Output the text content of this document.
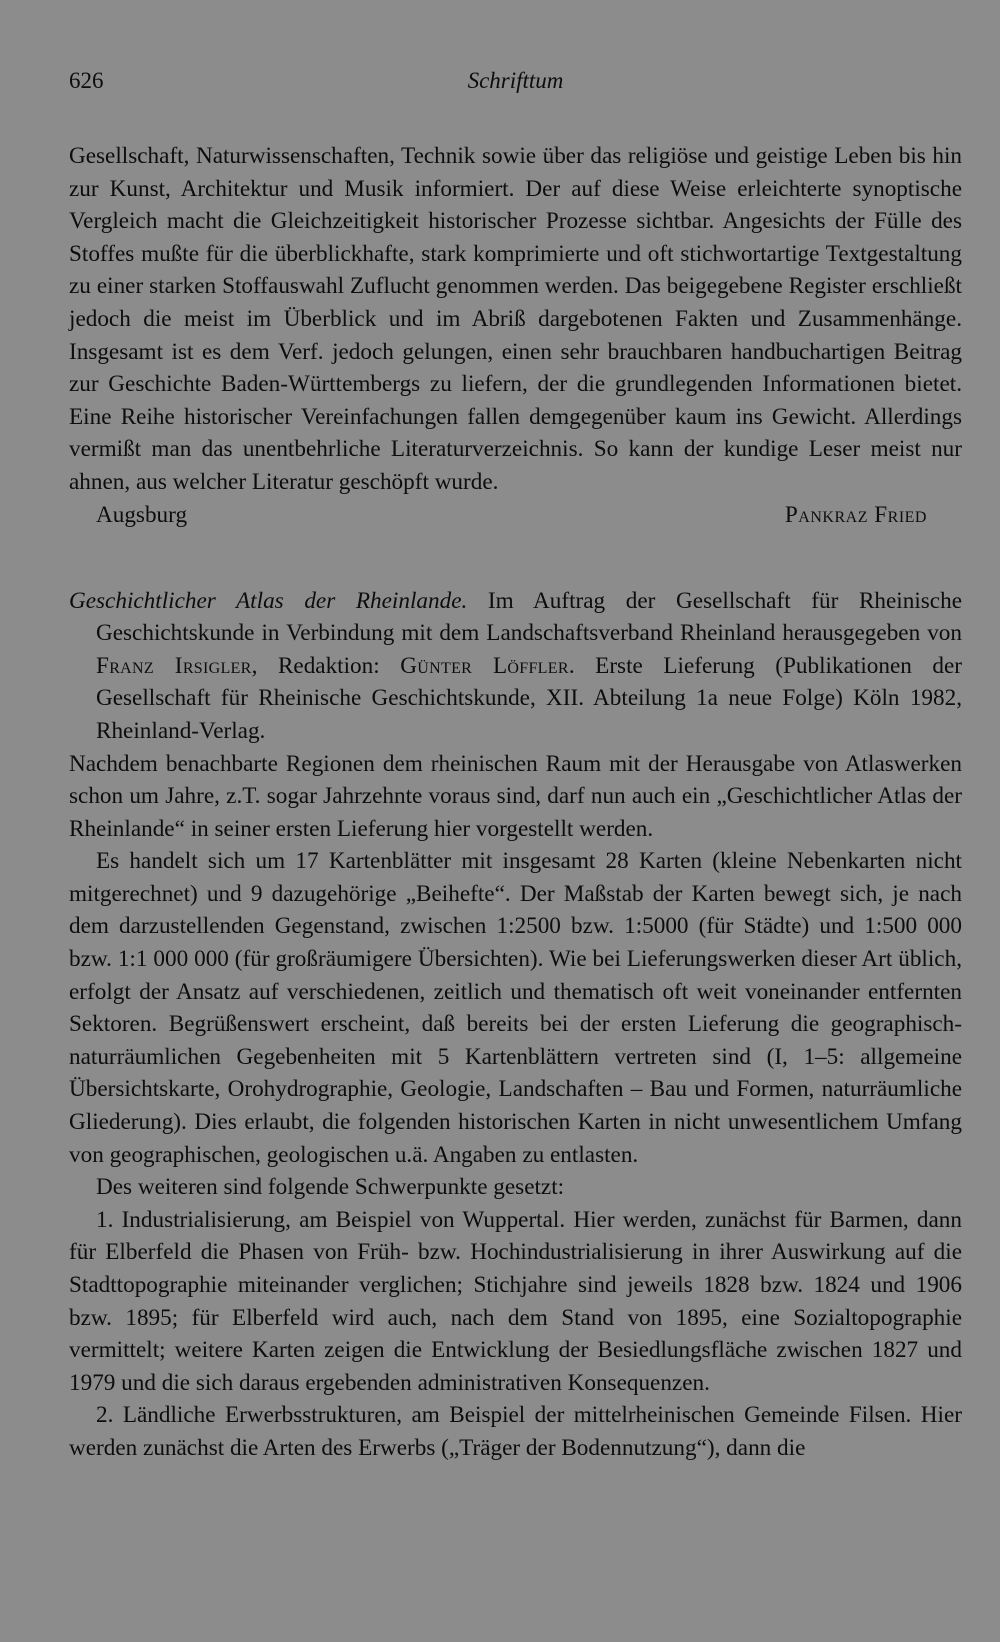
626	Schrifttum

Gesellschaft, Naturwissenschaften, Technik sowie über das religiöse und geistige Leben bis hin zur Kunst, Architektur und Musik informiert. Der auf diese Weise erleichterte synoptische Vergleich macht die Gleichzeitigkeit historischer Prozesse sichtbar. Angesichts der Fülle des Stoffes mußte für die überblickhafte, stark komprimierte und oft stichwortartige Textgestaltung zu einer starken Stoffauswahl Zuflucht genommen werden. Das beigegebene Register erschließt jedoch die meist im Überblick und im Abriß dargebotenen Fakten und Zusammenhänge. Insgesamt ist es dem Verf. jedoch gelungen, einen sehr brauchbaren handbuchartigen Beitrag zur Geschichte Baden-Württembergs zu liefern, der die grundlegenden Informationen bietet. Eine Reihe historischer Vereinfachungen fallen demgegenüber kaum ins Gewicht. Allerdings vermißt man das unentbehrliche Literaturverzeichnis. So kann der kundige Leser meist nur ahnen, aus welcher Literatur geschöpft wurde.

Augsburg	Pankraz Fried

Geschichtlicher Atlas der Rheinlande. Im Auftrag der Gesellschaft für Rheinische Geschichtskunde in Verbindung mit dem Landschaftsverband Rheinland herausgegeben von Franz Irsigler, Redaktion: Günter Löffler. Erste Lieferung (Publikationen der Gesellschaft für Rheinische Geschichtskunde, XII. Abteilung 1a neue Folge) Köln 1982, Rheinland-Verlag.

Nachdem benachbarte Regionen dem rheinischen Raum mit der Herausgabe von Atlaswerken schon um Jahre, z.T. sogar Jahrzehnte voraus sind, darf nun auch ein „Geschichtlicher Atlas der Rheinlande“ in seiner ersten Lieferung hier vorgestellt werden.

Es handelt sich um 17 Kartenblätter mit insgesamt 28 Karten (kleine Nebenkarten nicht mitgerechnet) und 9 dazugehörige „Beihefte“. Der Maßstab der Karten bewegt sich, je nach dem darzustellenden Gegenstand, zwischen 1:2500 bzw. 1:5000 (für Städte) und 1:500 000 bzw. 1:1 000 000 (für großräumigere Übersichten). Wie bei Lieferungswerken dieser Art üblich, erfolgt der Ansatz auf verschiedenen, zeitlich und thematisch oft weit voneinander entfernten Sektoren. Begrüßenswert erscheint, daß bereits bei der ersten Lieferung die geographisch-naturräumlichen Gegebenheiten mit 5 Kartenblättern vertreten sind (I, 1–5: allgemeine Übersichtskarte, Orohydrographie, Geologie, Landschaften – Bau und Formen, naturräumliche Gliederung). Dies erlaubt, die folgenden historischen Karten in nicht unwesentlichem Umfang von geographischen, geologischen u.ä. Angaben zu entlasten.

Des weiteren sind folgende Schwerpunkte gesetzt:

1. Industrialisierung, am Beispiel von Wuppertal. Hier werden, zunächst für Barmen, dann für Elberfeld die Phasen von Früh- bzw. Hochindustrialisierung in ihrer Auswirkung auf die Stadttopographie miteinander verglichen; Stichjahre sind jeweils 1828 bzw. 1824 und 1906 bzw. 1895; für Elberfeld wird auch, nach dem Stand von 1895, eine Sozialtopographie vermittelt; weitere Karten zeigen die Entwicklung der Besiedlungsfläche zwischen 1827 und 1979 und die sich daraus ergebenden administrativen Konsequenzen.

2. Ländliche Erwerbsstrukturen, am Beispiel der mittelrheinischen Gemeinde Filsen. Hier werden zunächst die Arten des Erwerbs („Träger der Bodennutzung“), dann die
